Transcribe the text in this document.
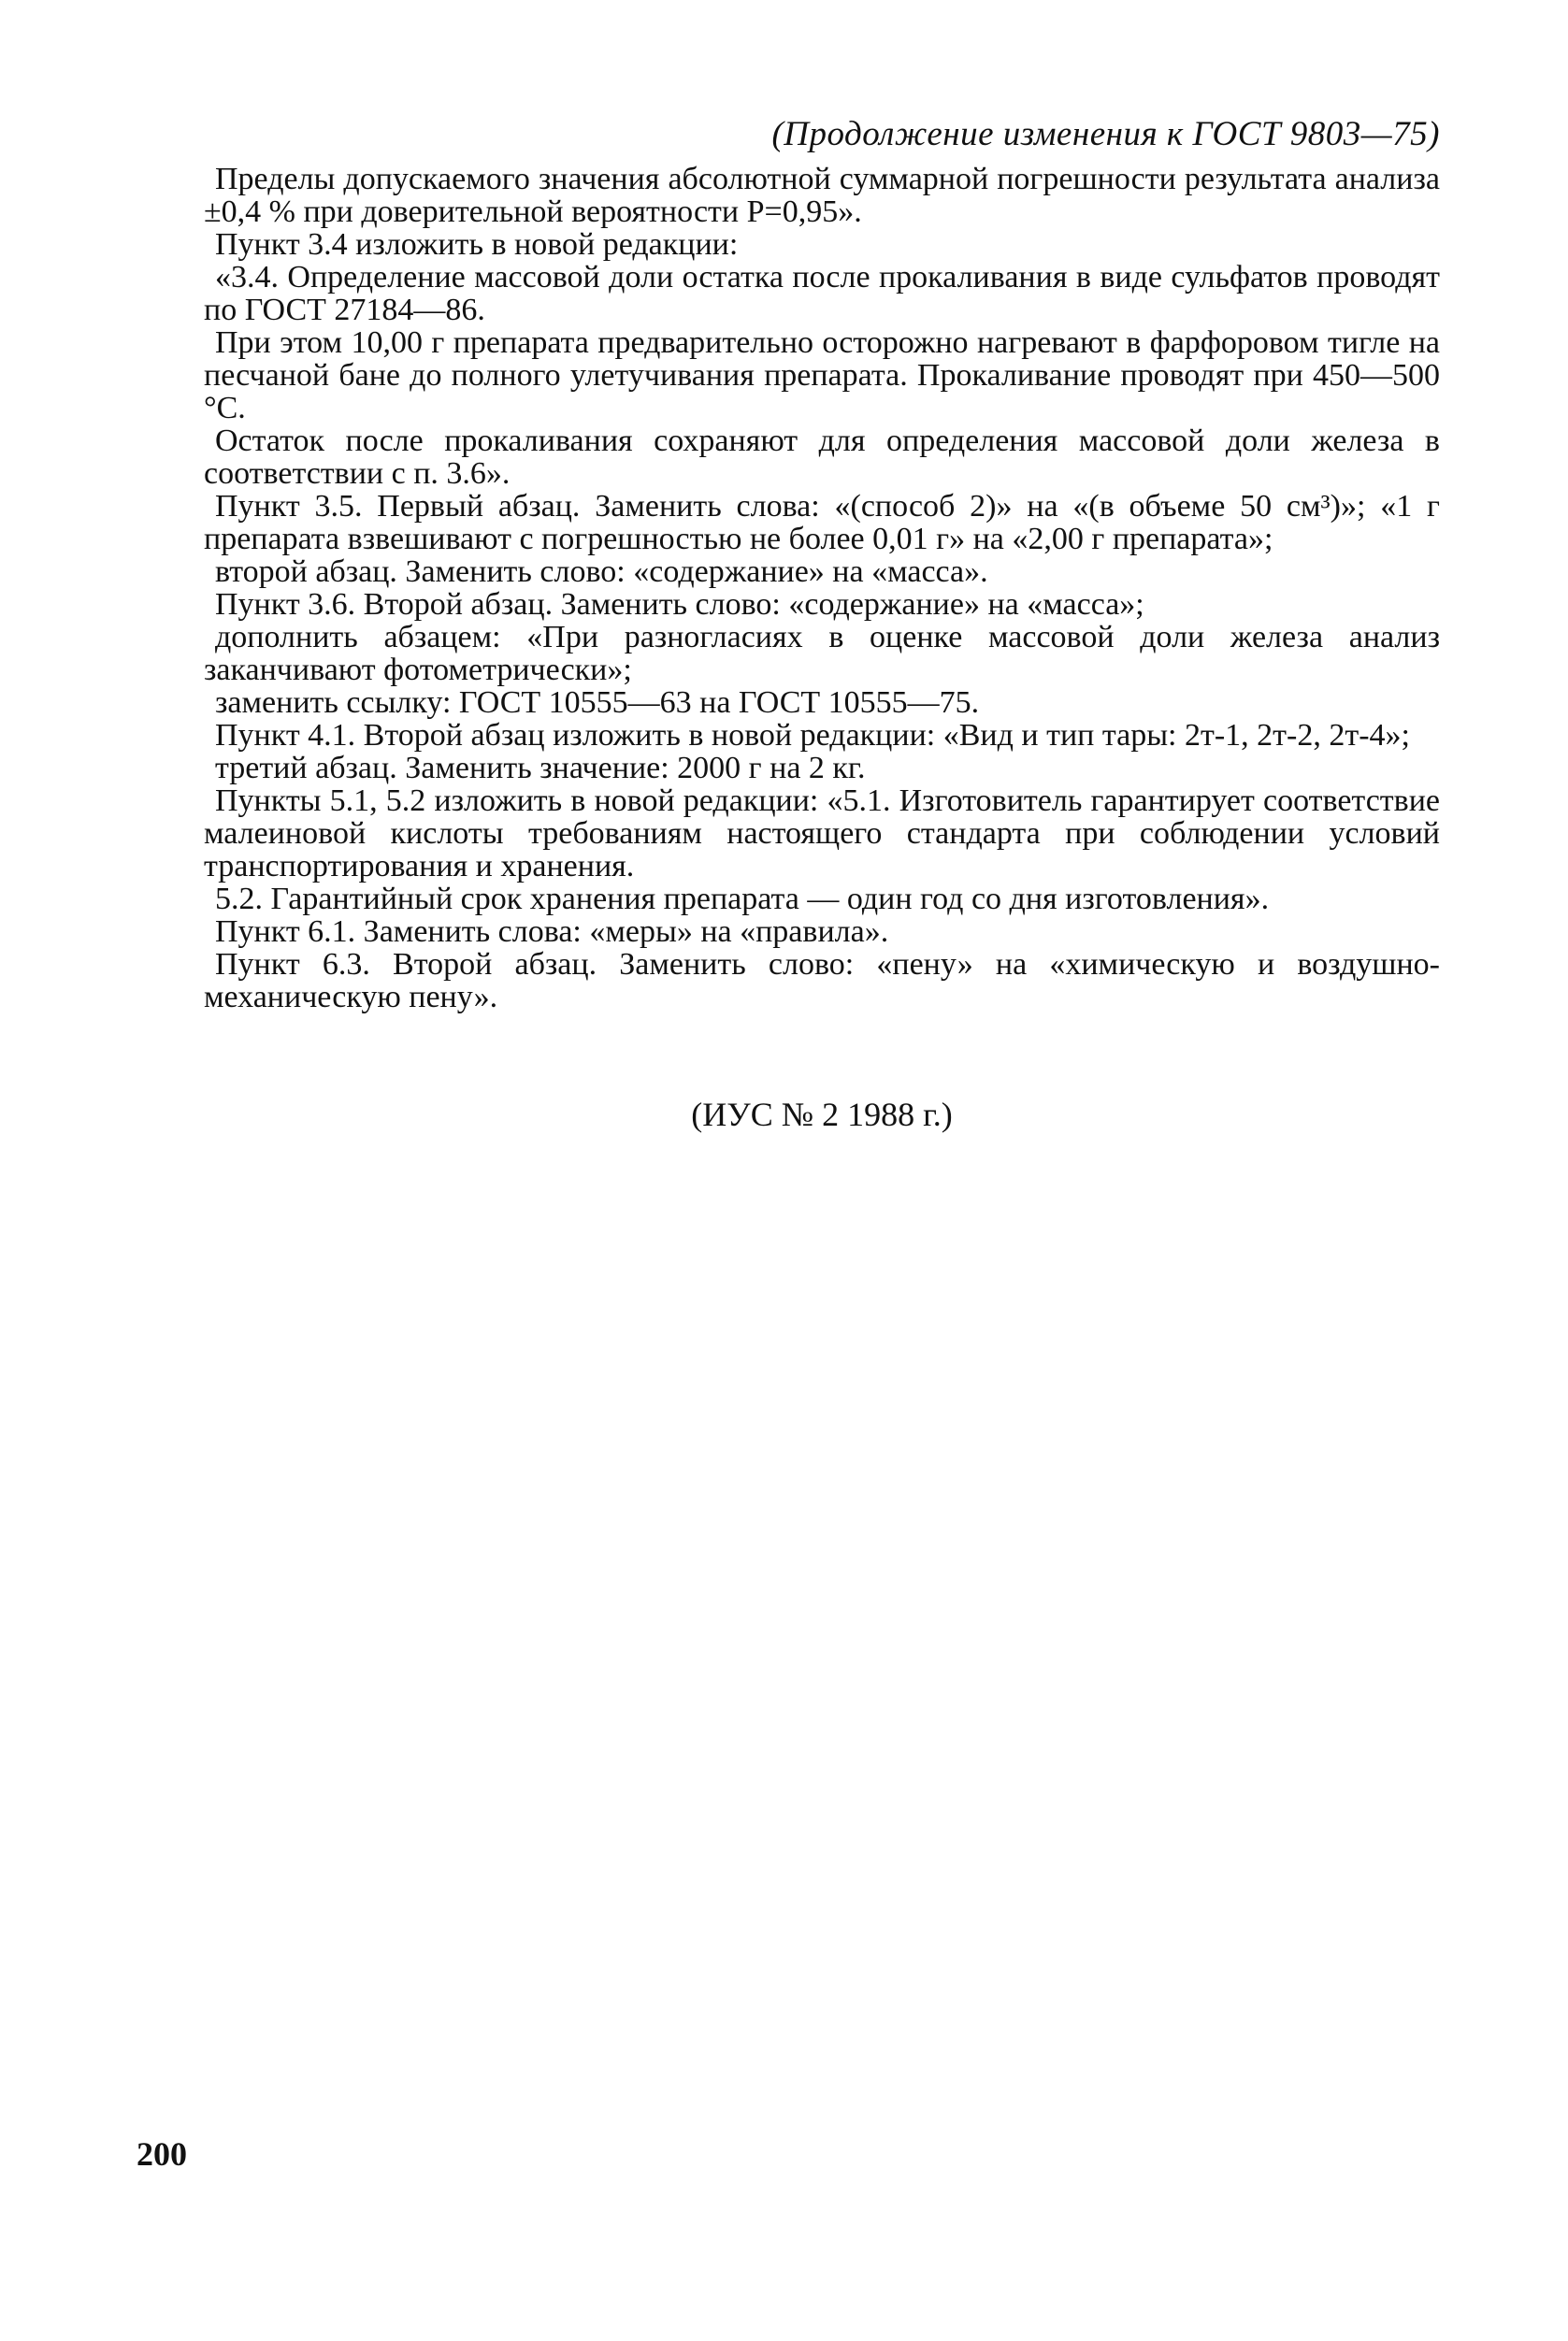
(Продолжение изменения к ГОСТ 9803—75)

Пределы допускаемого значения абсолютной суммарной погрешности результата анализа ±0,4 % при доверительной вероятности P=0,95».

Пункт 3.4 изложить в новой редакции:

«3.4. Определение массовой доли остатка после прокаливания в виде сульфатов проводят по ГОСТ 27184—86.

При этом 10,00 г препарата предварительно осторожно нагревают в фарфоровом тигле на песчаной бане до полного улетучивания препарата. Прокаливание проводят при 450—500 °С.

Остаток после прокаливания сохраняют для определения массовой доли железа в соответствии с п. 3.6».

Пункт 3.5. Первый абзац. Заменить слова: «(способ 2)» на «(в объеме 50 см³)»; «1 г препарата взвешивают с погрешностью не более 0,01 г» на «2,00 г препарата»;

второй абзац. Заменить слово: «содержание» на «масса».

Пункт 3.6. Второй абзац. Заменить слово: «содержание» на «масса»;

дополнить абзацем: «При разногласиях в оценке массовой доли железа анализ заканчивают фотометрически»;

заменить ссылку: ГОСТ 10555—63 на ГОСТ 10555—75.

Пункт 4.1. Второй абзац изложить в новой редакции: «Вид и тип тары: 2т-1, 2т-2, 2т-4»;

третий абзац. Заменить значение: 2000 г на 2 кг.

Пункты 5.1, 5.2 изложить в новой редакции: «5.1. Изготовитель гарантирует соответствие малеиновой кислоты требованиям настоящего стандарта при соблюдении условий транспортирования и хранения.

5.2. Гарантийный срок хранения препарата — один год со дня изготовления».

Пункт 6.1. Заменить слова: «меры» на «правила».

Пункт 6.3. Второй абзац. Заменить слово: «пену» на «химическую и воздушно-механическую пену».

(ИУС № 2 1988 г.)
200
